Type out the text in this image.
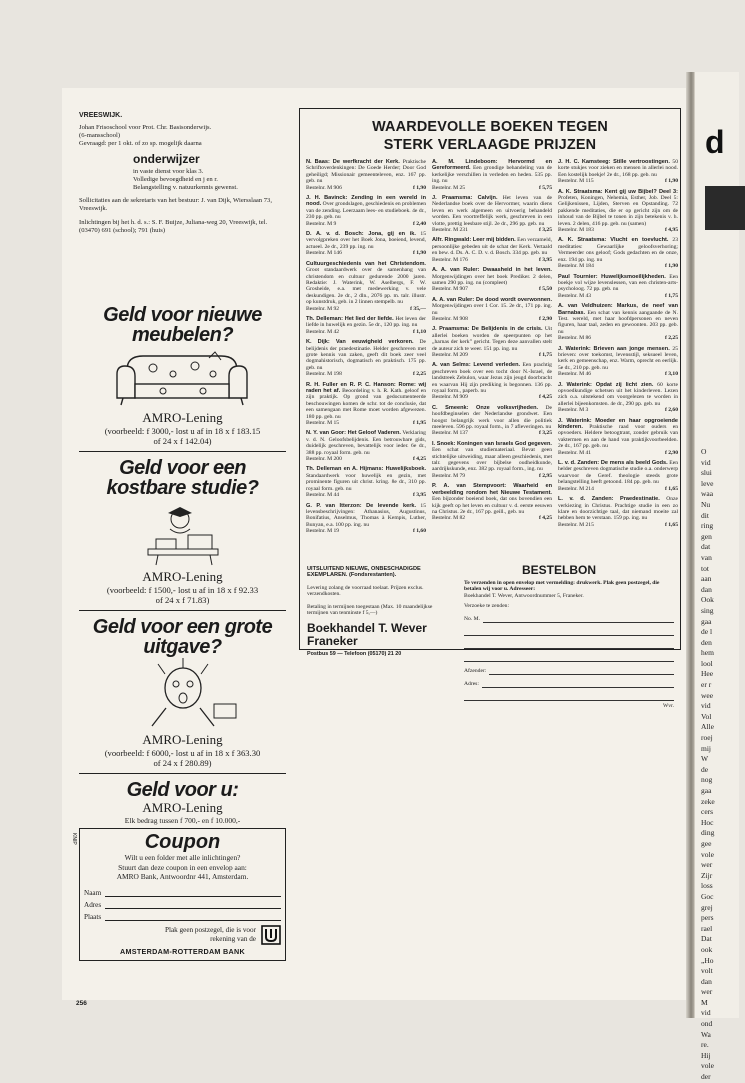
d
O
vid
slui
leve
waa
Nu
dit
ring
gen
dat
van
tot
aan
dan
Ook
sing
gaa
de l
den
hem
lool
Hee
er r
wee
vid
Vol
Alle
roej
mij
W
de
nog
gaa
zeke
cers
Hoc
ding
gee
vole
wer
Zijr
loss
Goc
grej
pers
rael
Dat
ook
„Ho
volt
dan
wer
M
vid
ond
Wa
re.
Hij
vole
der
VREESWIJK.
Johan Frisoschool voor Prot. Chr. Basisonderwijs.
(6-mansschool)
Gevraagd: per 1 okt. of zo sp. mogelijk daarna
onderwijzer
in vaste dienst voor klas 3.
Volledige bevoegdheid en j en r.
Belangstelling v. natuurkennis gewenst.
Sollicitaties aan de sekretaris van het bestuur: J. van Dijk, Wiersslaan 73, Vreeswijk.
Inlichtingen bij het h. d. s.: S. F. Buijze, Juliana-weg 20, Vreeswijk, tel. (03470) 691 (school); 791 (huis)
Geld voor nieuwe meubelen?
AMRO-Lening
(voorbeeld: f 3000,- lost u af in 18 x f 183.15
of 24 x f 142.04)
Geld voor een kostbare studie?
AMRO-Lening
(voorbeeld: f 1500,- lost u af in 18 x f 92.33
of 24 x f 71.83)
Geld voor een grote uitgave?
AMRO-Lening
(voorbeeld: f 6000,- lost u af in 18 x f 363.30
of 24 x f 280.89)
Geld voor u:
AMRO-Lening
Elk bedrag tussen f 700,- en f 10.000,-
KNIP	Coupon
Wilt u een folder met alle inlichtingen?
Stuurt dan deze coupon in een envelop aan:
AMRO Bank, Antwoordnr 441, Amsterdam.
Naam
Adres
Plaats
Plak geen postzegel, die is voor
rekening van de
AMSTERDAM-ROTTERDAM BANK
256
WAARDEVOLLE BOEKEN TEGEN
STERK VERLAAGDE PRIJZEN
N. Baas: De werfkracht der Kerk. Praktische Schriftoverdenkingen: De Goede Herder; Door God geheiligd; Missionair gemeenteleven, enz. 167 pp. geb. nu
Bestelnr. M 906	f 1,90
J. H. Bavinck: Zending in een wereld in nood. Over grondslagen, geschiedenis en problemen van de zending. Leerzaam lees- en studieboek. 4e dr., 230 pp. geb. nu
Bestelnr. M 9	f 2,40
D. A. v. d. Bosch: Jona, gij en ik. 15 vervolgpreken over het Boek Jona, boeiend, levend, actueel. 2e dr., 239 pp. ing. nu
Bestelnr. M 146	f 1,90
Cultuurgeschiedenis van het Christendom. Groot standaardwerk over de samenhang van christendom en cultuur gedurende 2000 jaren. Redaktie: J. Waterink, W. Aselbergs, F. W. Grosheide, e.a. met medewerking v. vele deskundigen. 2e dr., 2 dln., 2076 pp. m. talr. illustr. op kunstdruk, geb. in 2 linnen stempelb. nu
Bestelnr. M 92	f 35,—
Th. Delleman: Het lied der liefde. Het leven der liefde in huwelijk en gezin. 5e dr., 120 pp. ing. nu
Bestelnr. M 42	f 1,10
K. Dijk: Van eeuwigheid verkoren. De belijdenis der praedestinatie. Helder geschreven met grote kennis van zaken, geeft dit boek zeer veel dogmahistorisch, dogmatisch en praktisch. 175 pp. geb. nu
Bestelnr. M 198	f 2,25
R. H. Fuller en R. P. C. Hanson: Rome: wij raden het af. Beoordeling v. h. R. Kath. geloof en zijn praktijk. Op grond van gedocumenteerde beschouwingen komen de schr. tot de conclusie, dat een samengaan met Rome moet worden afgewezen. 180 pp. geb. nu
Bestelnr. M 15	f 1,95
N. Y. van Goor: Het Geloof Vaderen. Verklaring v. d. N. Geloofsbelijdenis. Een betrouwbare gids, duidelijk geschreven, bevattelijk voor ieder. 6e dr., 388 pp. royaal form. geb. nu
Bestelnr. M 200	f 4,25
Th. Delleman en A. Hijmans: Huwelijksboek. Standaardwerk voor huwelijk en gezin, met prominente figuren uit christ. kring. 8e dr., 310 pp. royaal form. geb. nu
Bestelnr. M 44	f 3,95
G. P. van Itterzon: De levende kerk. 15 levensbeschrijvingen: Athanasius, Augustinus, Bonifatius, Anselmus, Thomas à Kempis, Luther, Bunyan, e.a. 100 pp. ing. nu
Bestelnr. M 19	f 1,60
A. M. Lindeboom: Hervormd en Gereformeerd. Een grondige behandeling van de kerkelijke verschillen in verleden en heden. 535 pp. ing. nu
Bestelnr. M 25	f 5,75
J. Praamsma: Calvijn. Het leven van de Nederlandse boek over de Hervormer, waarin diens leven en werk algemeen en uitvoerig behandeld worden. Een voortreffelijk werk, geschreven in een vlotte, prettig leesbare stijl. 2e dr., 296 pp. geb. nu
Bestelnr. M 231	f 3,25
Alfr. Ringwald: Leer mij bidden. Een verzameld, persoonlijke gebeden uit de schat der Kerk. Vertaald en bew. d. Ds. A. C. D. v. d. Bosch. 334 pp. geb. nu
Bestelnr. M 176	f 3,95
A. A. van Ruler: Dwaasheid in het leven. Morgenwijdingen over het boek Prediker. 2 delen, samen 290 pp. ing. nu (compleet)
Bestelnr. M 907	f 5,50
A. A. van Ruler: De dood wordt overwonnen. Morgenwijdingen over 1 Cor. 15. 2e dr., 171 pp. ing. nu
Bestelnr. M 908	f 2,90
J. Praamsma: De Belijdenis in de crisis. Uit allerlei boeken worden de speerpunten op het „harnas der kerk” gericht. Tegen deze aanvallen stelt de auteur zich te weer. 151 pp. ing. nu
Bestelnr. M 209	f 1,75
A. van Selms: Levend verleden. Een prachtig geschreven boek over een tocht door N.-Israel, de landstreek Zebulon, waar Jezus zijn jeugd doorbracht en waarvan Hij zijn prediking is begonnen. 136 pp. royaal form., paperb. nu
Bestelnr. M 909	f 4,25
C. Smeenk: Onze volksvrijheden. De hoofdbeginselen der Nederlandse grondwet. Een hoogst belangrijk werk voor allen die politiek meeleven. 596 pp. royaal form., in 7 afleveringen. nu
Bestelnr. M 137	f 3,25
I. Snoek: Koningen van Israels God gegeven. Een schat van studiemateriaal. Bevat geen stichtelijke uitweiding, maar alleen geschiedenis, met talr. gegevens over bijbelse oudheidkunde, aardrijkskunde, enz. 382 pp. royaal form., ing. nu
Bestelnr. M 79	f 2,95
P. A. van Stempvoort: Waarheid en verbeelding rondom het Nieuwe Testament. Een bijzonder boeiend boek, dat ons bovendien een kijk geeft op het leven en cultuur v. d. eerste eeuwen na Christus. 2e dr., 167 pp. geill., geb. nu
Bestelnr. M 82	f 4,25
J. H. C. Kamsteeg: Stille vertroostingen. 50 korte stukjes voor zieken en mensen in allerlei nood. Een kostelijk boekje! 2e dr., 168 pp. geb. nu
Bestelnr. M 115	f 1,90
A. K. Straatsma: Kent gij uw Bijbel? Deel 3: Profeten, Koningen, Nehemia, Esther, Job. Deel 5: Gelijkenissen, Lijden, Sterven en Opstanding. 72 pakkende meditaties, die er op gericht zijn om de inhoud van de Bijbel te tonen in zijn betekenis v. h. leven. 2 delen, 416 pp. geb. nu (samen)
Bestelnr. M 183	f 4,95
A. K. Straatsma: Vlucht en toevlucht. 23 meditaties: Gewaarlijke geloofsverhoring; Vermeerder ons geloof; Gods gedachten en de onze, enz. 194 pp. ing. nu
Bestelnr. M 184	f 1,90
Paul Tournier: Huwelijksmoeilijkheden. Een boekje vol wijze levenslessen, van een christen-arts-psycholoog. 72 pp. geb. nu
Bestelnr. M 43	f 1,75
A. van Veldhuizen: Markus, de neef van Barnabas. Een schat van kennis aangaande de N. Test. wereld, met haar hoofdpersonen en neven figuren, haar taal, zeden en gewoonten. 203 pp. geb. nu
Bestelnr. M 86	f 2,25
J. Waterink: Brieven aan jonge mensen. 25 brieven: over toekomst, levensstijl, seksueel leven, kerk en gemeenschap, enz. Warm, oprecht en eerlijk. 5e dr., 210 pp. geb. nu
Bestelnr. M 46	f 3,10
J. Waterink: Opdat zij licht zien. 60 korte opvoedkundige schetsen uit het kinderleven. Lezen zich o.a. uitstekend om voorgelezen te worden in allerlei bijeenkomsten. 4e dr., 290 pp. geb. nu
Bestelnr. M 3	f 2,60
J. Waterink: Moeder en haar opgroeiende kinderen. Praktische raad voor ouders en opvoeders. Heldere betoogtrant, zonder gebruik van vaktermen en aan de hand van praktijkvoorbeelden. 2e dr., 167 pp. geb. nu
Bestelnr. M 41	f 2,90
L. v. d. Zanden: De mens als beeld Gods. Een helder geschreven dogmatische studie o.a. onderwerp waarvoor de Geref. theologie steeds grote belangstelling heeft getoond. 184 pp. geb. nu
Bestelnr. M 214	f 1,65
L. v. d. Zanden: Praedestinatie. Onze verkiezing in Christus. Prachtige studie in een zo klare en doorzichtige taal, dat niemand moeite zal hebben hem te verstaan. 159 pp. ing. nu
Bestelnr. M 215	f 1,65
UITSLUITEND NIEUWE, ONBESCHADIGDE EXEMPLAREN. (Fondsrestanten).
Levering zolang de voorraad toelaat. Prijzen exclus. verzendkosten.
Betaling in termijnen toegestaan (Max. 10 maandelijkse termijnen van tenminste f 5,—)
Boekhandel T. Wever
Franeker
Postbus 59 — Telefoon (05170) 21 20
BESTELBON
Te verzenden in open envelop met vermelding: drukwerk. Plak geen postzegel, die betalen wij voor u. Adresseer:
Boekhandel T. Wever, Antwoordnummer 5, Franeker.
Verzoeke te zenden:
No. M.
Afzender:
Adres:
Wvr.
